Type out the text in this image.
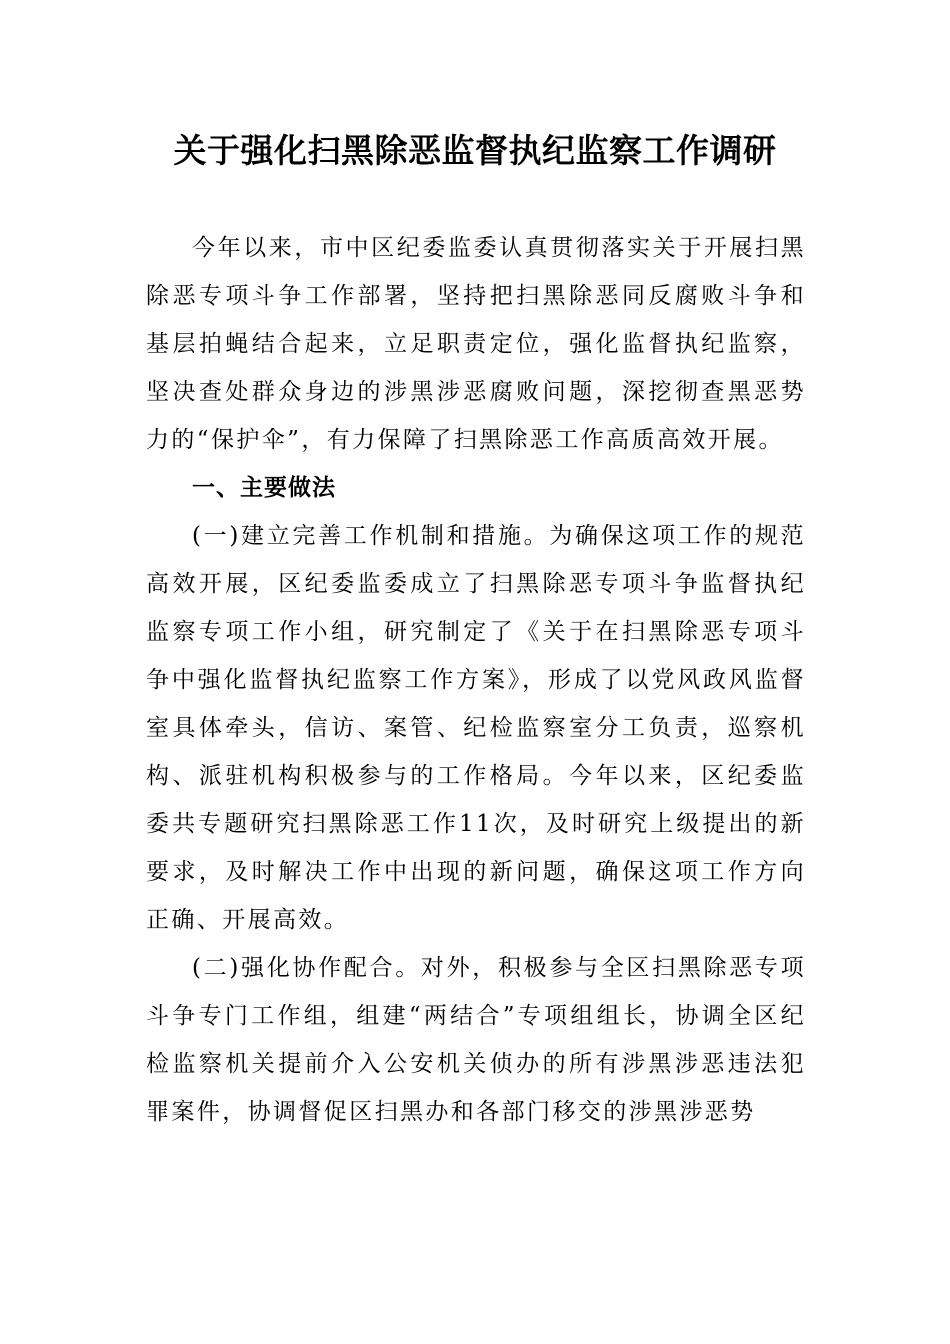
关于强化扫黑除恶监督执纪监察工作调研

今年以来，市中区纪委监委认真贯彻落实关于开展扫黑除恶专项斗争工作部署，坚持把扫黑除恶同反腐败斗争和基层拍蝇结合起来，立足职责定位，强化监督执纪监察，坚决查处群众身边的涉黑涉恶腐败问题，深挖彻查黑恶势力的“保护伞”，有力保障了扫黑除恶工作高质高效开展。

一、主要做法

(一)建立完善工作机制和措施。为确保这项工作的规范高效开展，区纪委监委成立了扫黑除恶专项斗争监督执纪监察专项工作小组，研究制定了《关于在扫黑除恶专项斗争中强化监督执纪监察工作方案》，形成了以党风政风监督室具体牵头，信访、案管、纪检监察室分工负责，巡察机构、派驻机构积极参与的工作格局。今年以来，区纪委监委共专题研究扫黑除恶工作11次，及时研究上级提出的新要求，及时解决工作中出现的新问题，确保这项工作方向正确、开展高效。

(二)强化协作配合。对外，积极参与全区扫黑除恶专项斗争专门工作组，组建“两结合”专项组组长，协调全区纪检监察机关提前介入公安机关侦办的所有涉黑涉恶违法犯罪案件，协调督促区扫黑办和各部门移交的涉黑涉恶势
